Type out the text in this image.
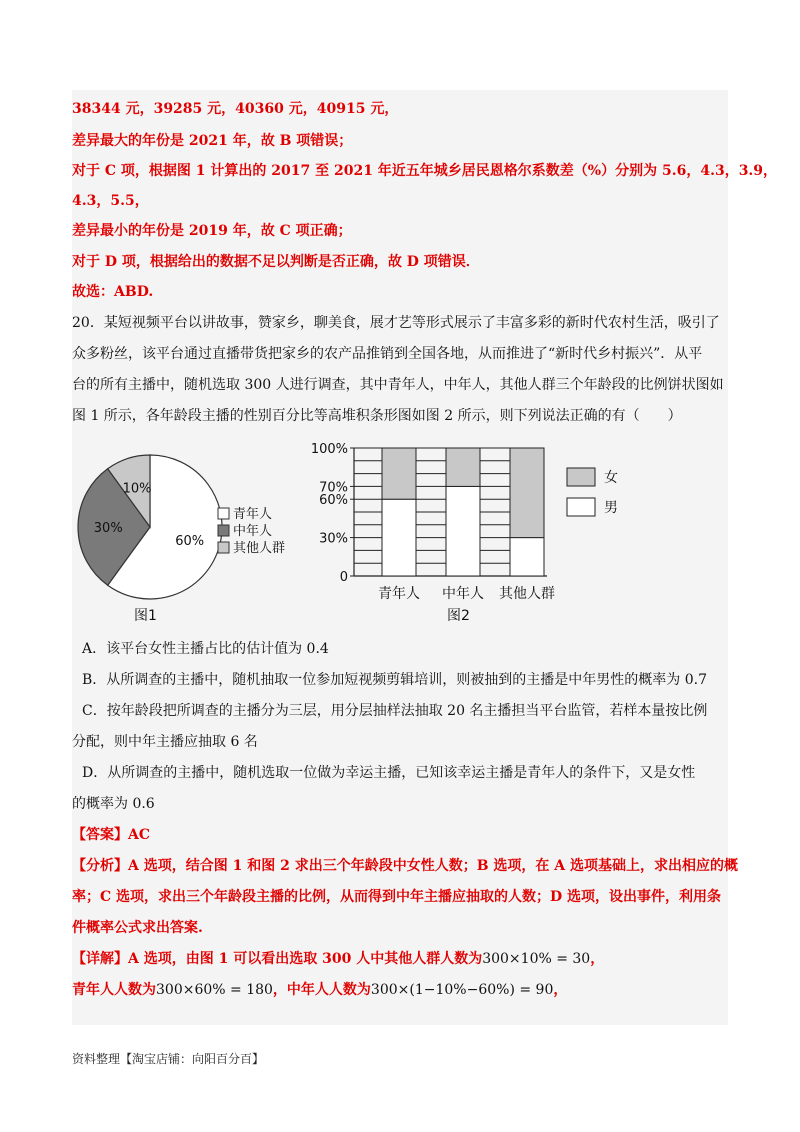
38344 元，39285 元，40360 元，40915 元，
差异最大的年份是 2021 年，故 B 项错误；
对于 C 项，根据图 1 计算出的 2017 至 2021 年近五年城乡居民恩格尔系数差（%）分别为 5.6，4.3，3.9，
4.3，5.5，
差异最小的年份是 2019 年，故 C 项正确；
对于 D 项，根据给出的数据不足以判断是否正确，故 D 项错误．
故选：ABD.
20．某短视频平台以讲故事，赞家乡，聊美食，展才艺等形式展示了丰富多彩的新时代农村生活，吸引了
众多粉丝，该平台通过直播带货把家乡的农产品推销到全国各地，从而推进了“新时代乡村振兴”．从平
台的所有主播中，随机选取 300 人进行调查，其中青年人，中年人，其他人群三个年龄段的比例饼状图如
图 1 所示，各年龄段主播的性别百分比等高堆积条形图如图 2 所示，则下列说法正确的有（　　）
60%
30%
10%
青年人
中年人
其他人群
图1
0
30%
60%
70%
100%
青年人 中年人 其他人群
女
男
图2
A．该平台女性主播占比的估计值为 0.4
B．从所调查的主播中，随机抽取一位参加短视频剪辑培训，则被抽到的主播是中年男性的概率为 0.7
C．按年龄段把所调查的主播分为三层，用分层抽样法抽取 20 名主播担当平台监管，若样本量按比例
分配，则中年主播应抽取 6 名
D．从所调查的主播中，随机选取一位做为幸运主播，已知该幸运主播是青年人的条件下，又是女性
的概率为 0.6
【答案】AC
【分析】A 选项，结合图 1 和图 2 求出三个年龄段中女性人数；B 选项，在 A 选项基础上，求出相应的概
率；C 选项，求出三个年龄段主播的比例，从而得到中年主播应抽取的人数；D 选项，设出事件，利用条
件概率公式求出答案.
【详解】A 选项，由图 1 可以看出选取 300 人中其他人群人数为300×10% = 30，
青年人人数为300×60% = 180，中年人人数为300×(1−10%−60%) = 90，
资料整理【淘宝店铺：向阳百分百】
